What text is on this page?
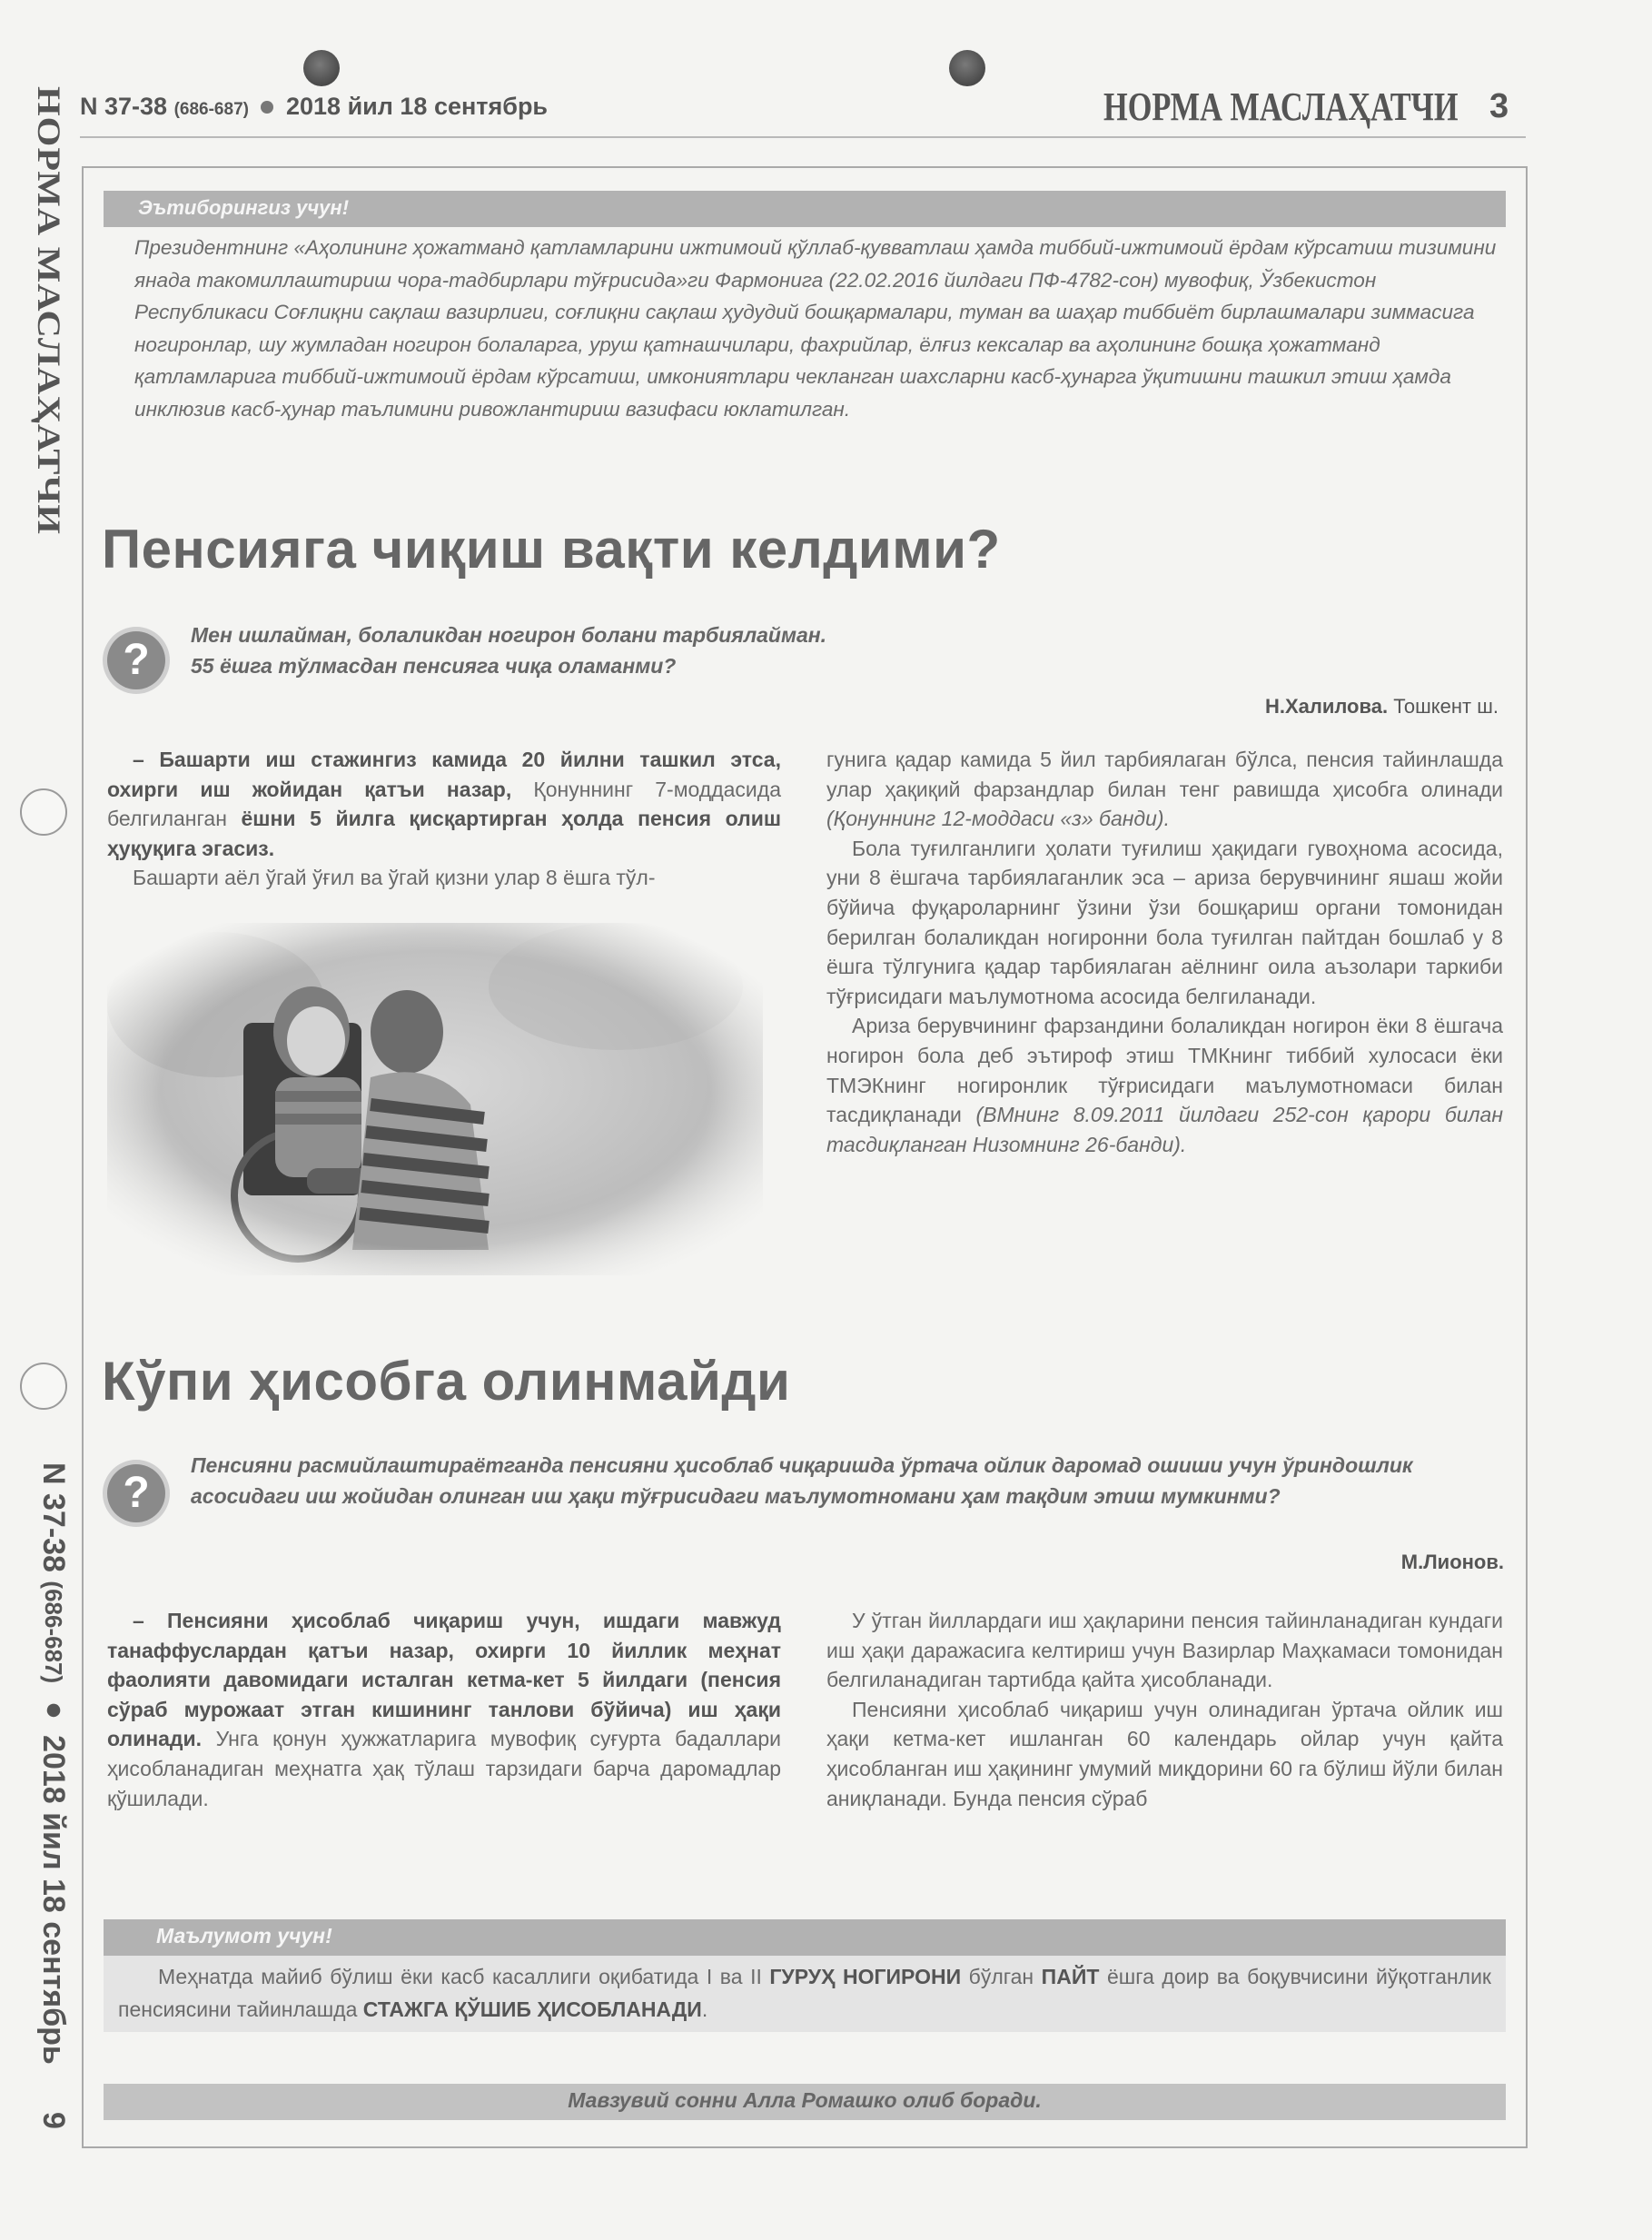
НОРМА МАСЛАҲАТЧИ
N 37-38 (686-687) ● 2018 йил 18 сентябрь
9
N 37-38 (686-687) 2018 йил 18 сентябрь	НОРМА МАСЛАҲАТЧИ 3
Эътиборингиз учун!
Президентнинг «Аҳолининг ҳожатманд қатламларини ижтимоий қўллаб-қувватлаш ҳамда тиббий-ижтимоий ёрдам кўрсатиш тизимини янада такомиллаштириш чора-тадбирлари тўғрисида»ги Фармонига (22.02.2016 йилдаги ПФ-4782-сон) мувофиқ, Ўзбекистон Республикаси Соғлиқни сақлаш вазирлиги, соғлиқни сақлаш ҳудудий бошқармалари, туман ва шаҳар тиббиёт бирлашмалари зиммасига ногиронлар, шу жумладан ногирон болаларга, уруш қатнашчилари, фахрийлар, ёлғиз кексалар ва аҳолининг бошқа ҳожатманд қатламларига тиббий-ижтимоий ёрдам кўрсатиш, имкониятлари чекланган шахсларни касб-ҳунарга ўқитишни ташкил этиш ҳамда инклюзив касб-ҳунар таълимини ривожлантириш вазифаси юклатилган.
Пенсияга чиқиш вақти келдими?
?
Мен ишлайман, болаликдан ногирон болани тарбиялайман.
55 ёшга тўлмасдан пенсияга чиқа оламанми?
Н.Халилова. Тошкент ш.

– Башарти иш стажингиз камида 20 йилни ташкил этса, охирги иш жойидан қатъи назар, Қонуннинг 7-моддасида белгиланган ёшни 5 йилга қисқартирган ҳолда пенсия олиш ҳуқуқига эгасиз.

Башарти аёл ўгай ўғил ва ўгай қизни улар 8 ёшга тўл-

гунига қадар камида 5 йил тарбиялаган бўлса, пенсия тайинлашда улар ҳақиқий фарзандлар билан тенг равишда ҳисобга олинади (Қонуннинг 12-моддаси «з» банди).

Бола туғилганлиги ҳолати туғилиш ҳақидаги гувоҳнома асосида, уни 8 ёшгача тарбиялаганлик эса – ариза берувчининг яшаш жойи бўйича фуқароларнинг ўзини ўзи бошқариш органи томонидан берилган болаликдан ногиронни бола туғилган пайтдан бошлаб у 8 ёшга тўлгунига қадар тарбиялаган аёлнинг оила аъзолари таркиби тўғрисидаги маълумотнома асосида белгиланади.

Ариза берувчининг фарзандини болаликдан ногирон ёки 8 ёшгача ногирон бола деб эътироф этиш ТМКнинг тиббий хулосаси ёки ТМЭКнинг ногиронлик тўғрисидаги маълумотномаси билан тасдиқланади (ВМнинг 8.09.2011 йилдаги 252-сон қарори билан тасдиқланган Низомнинг 26-банди).

Кўпи ҳисобга олинмайди
?
Пенсияни расмийлаштираётганда пенсияни ҳисоблаб чиқаришда ўртача ойлик даромад ошиши учун ўриндошлик асосидаги иш жойидан олинган иш ҳақи тўғрисидаги маълумотномани ҳам тақдим этиш мумкинми?
М.Лионов.

– Пенсияни ҳисоблаб чиқариш учун, ишдаги мавжуд танаффуслардан қатъи назар, охирги 10 йиллик меҳнат фаолияти давомидаги исталган кетма-кет 5 йилдаги (пенсия сўраб мурожаат этган кишининг танлови бўйича) иш ҳақи олинади. Унга қонун ҳужжатларига мувофиқ суғурта бадаллари ҳисобланадиган меҳнатга ҳақ тўлаш тарзидаги барча даромадлар қўшилади.

У ўтган йиллардаги иш ҳақларини пенсия тайинланадиган кундаги иш ҳақи даражасига келтириш учун Вазирлар Маҳкамаси томонидан белгиланадиган тартибда қайта ҳисобланади.

Пенсияни ҳисоблаб чиқариш учун олинадиган ўртача ойлик иш ҳақи кетма-кет ишланган 60 календарь ойлар учун қайта ҳисобланган иш ҳақининг умумий миқдорини 60 га бўлиш йўли билан аниқланади. Бунда пенсия сўраб

Маълумот учун!
Меҳнатда майиб бўлиш ёки касб касаллиги оқибатида I ва II ГУРУҲ НОГИРОНИ бўлган ПАЙТ ёшга доир ва боқувчисини йўқотганлик пенсиясини тайинлашда СТАЖГА ҚЎШИБ ҲИСОБЛАНАДИ.
Мавзувий сонни Алла Ромашко олиб боради.
